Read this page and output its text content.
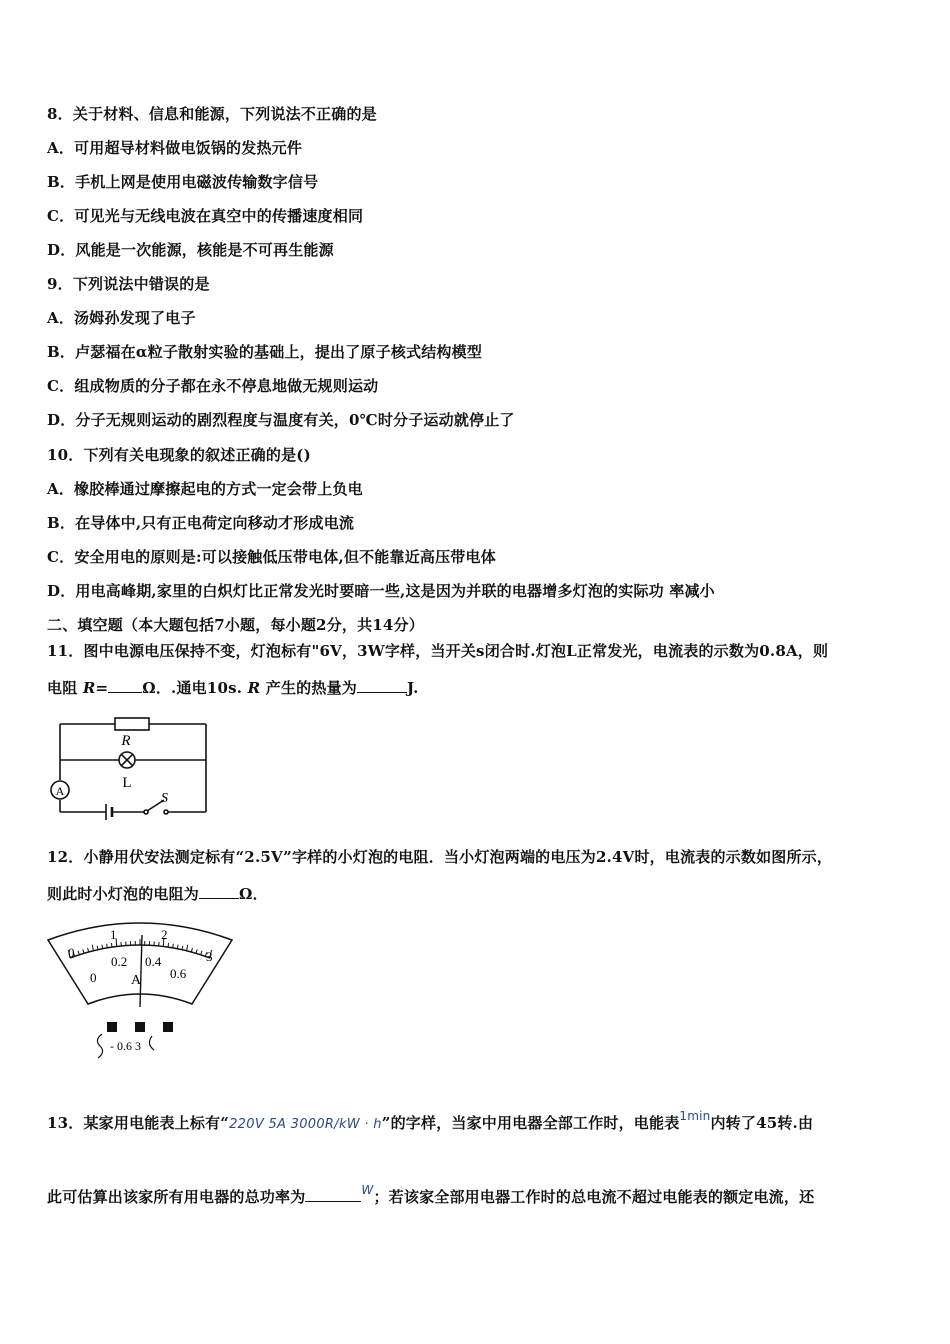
8．关于材料、信息和能源，下列说法不正确的是
A．可用超导材料做电饭锅的发热元件
B．手机上网是使用电磁波传输数字信号
C．可见光与无线电波在真空中的传播速度相同
D．风能是一次能源，核能是不可再生能源
9．下列说法中错误的是
A．汤姆孙发现了电子
B．卢瑟福在α粒子散射实验的基础上，提出了原子核式结构模型
C．组成物质的分子都在永不停息地做无规则运动
D．分子无规则运动的剧烈程度与温度有关，0℃时分子运动就停止了
10．下列有关电现象的叙述正确的是()
A．橡胶棒通过摩擦起电的方式一定会带上负电
B．在导体中,只有正电荷定向移动才形成电流
C．安全用电的原则是:可以接触低压带电体,但不能靠近高压带电体
D．用电高峰期,家里的白炽灯比正常发光时要暗一些,这是因为并联的电器增多灯泡的实际功 率减小
二、填空题（本大题包括7小题，每小题2分，共14分）
11．图中电源电压保持不变，灯泡标有"6V，3W字样，当开关s闭合时.灯泡L正常发光，电流表的示数为0.8A，则
电阻 R= Ω．.通电10s. R 产生的热量为	J.
R
L
A	S
12．小静用伏安法测定标有“2.5V”字样的小灯泡的电阻．当小灯泡两端的电压为2.4V时，电流表的示数如图所示，
则此时小灯泡的电阻为	Ω．
0
1	2
3
0
0.2 0.4
0.6
A
- 0.6 3
13．某家用电能表上标有“220V 5A 3000R/kW · h”的字样，当家中用电器全部工作时，电能表$^{1min}$内转了45转.由
此可估算出该家所有用电器的总功率为	$^W$；若该家全部用电器工作时的总电流不超过电能表的额定电流，还
